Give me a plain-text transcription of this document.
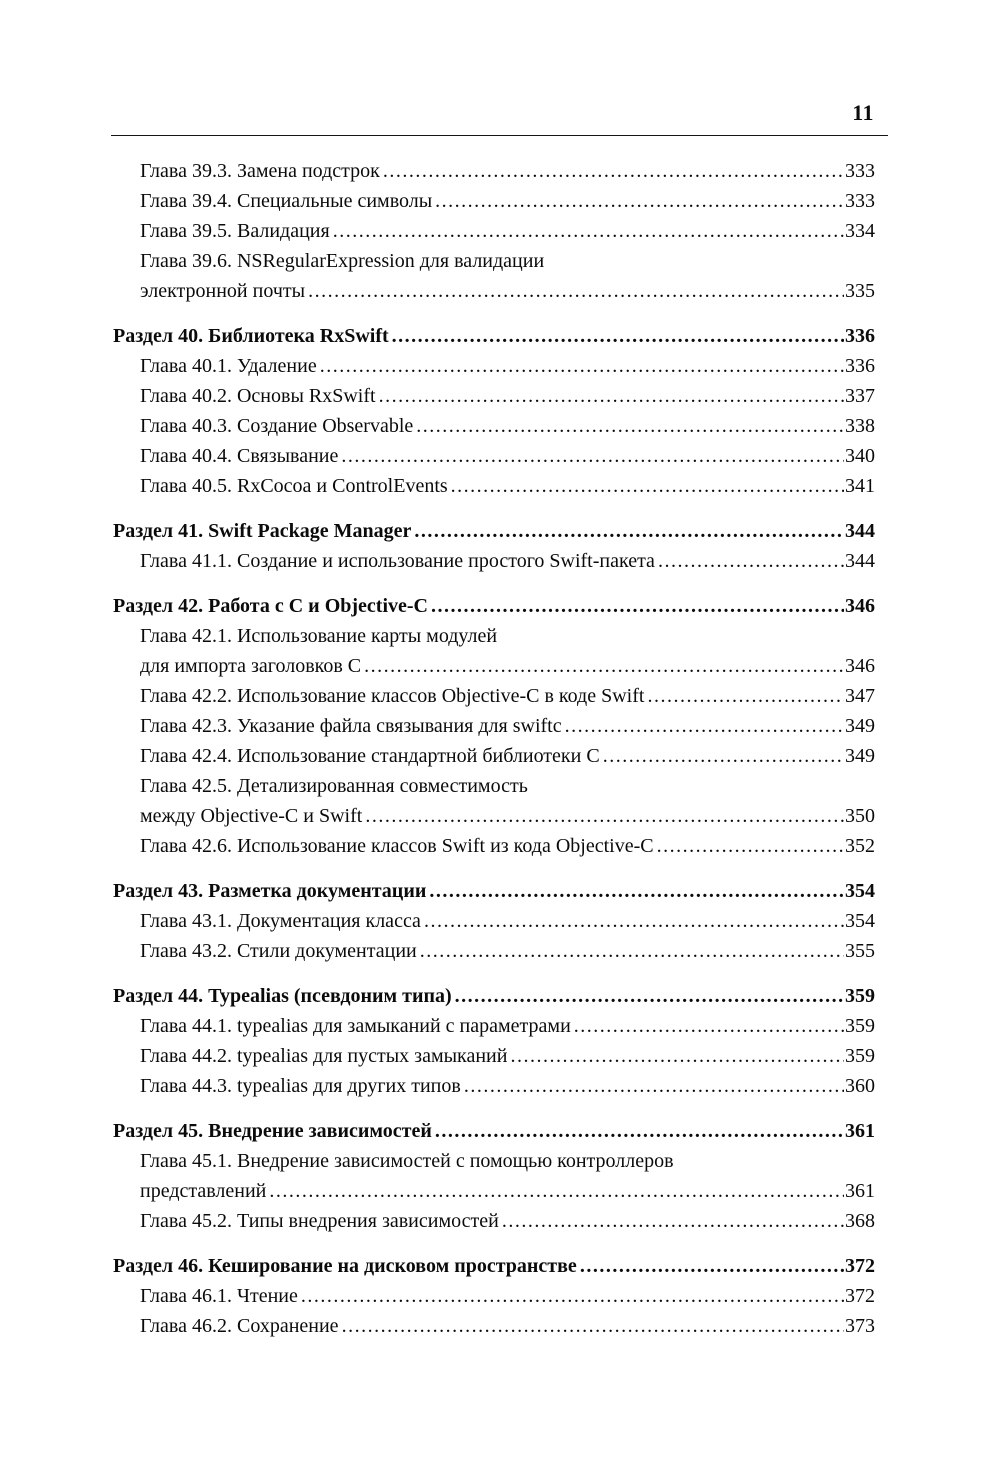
11
Глава 39.3. Замена подстрок .....	333
Глава 39.4. Специальные символы .....	333
Глава 39.5. Валидация .....	334
Глава 39.6. NSRegularExpression для валидации
электронной почты .....	335
Раздел 40. Библиотека RxSwift .....	336
Глава 40.1. Удаление .....	336
Глава 40.2. Основы RxSwift .....	337
Глава 40.3. Создание Observable .....	338
Глава 40.4. Связывание .....	340
Глава 40.5. RxCocoa и ControlEvents .....	341
Раздел 41. Swift Package Manager .....	344
Глава 41.1. Создание и использование простого Swift-пакета .....	344
Раздел 42. Работа с C и Objective-C .....	346
Глава 42.1. Использование карты модулей
для импорта заголовков C .....	346
Глава 42.2. Использование классов Objective-C в коде Swift .....	347
Глава 42.3. Указание файла связывания для swiftc .....	349
Глава 42.4. Использование стандартной библиотеки C .....	349
Глава 42.5. Детализированная совместимость
между Objective-C и Swift .....	350
Глава 42.6. Использование классов Swift из кода Objective-C .....	352
Раздел 43. Разметка документации .....	354
Глава 43.1. Документация класса .....	354
Глава 43.2. Стили документации .....	355
Раздел 44. Typealias (псевдоним типа) .....	359
Глава 44.1. typealias для замыканий с параметрами .....	359
Глава 44.2. typealias для пустых замыканий .....	359
Глава 44.3. typealias для других типов .....	360
Раздел 45. Внедрение зависимостей .....	361
Глава 45.1. Внедрение зависимостей с помощью контроллеров
представлений .....	361
Глава 45.2. Типы внедрения зависимостей .....	368
Раздел 46. Кеширование на дисковом пространстве .....	372
Глава 46.1. Чтение .....	372
Глава 46.2. Сохранение .....	373
